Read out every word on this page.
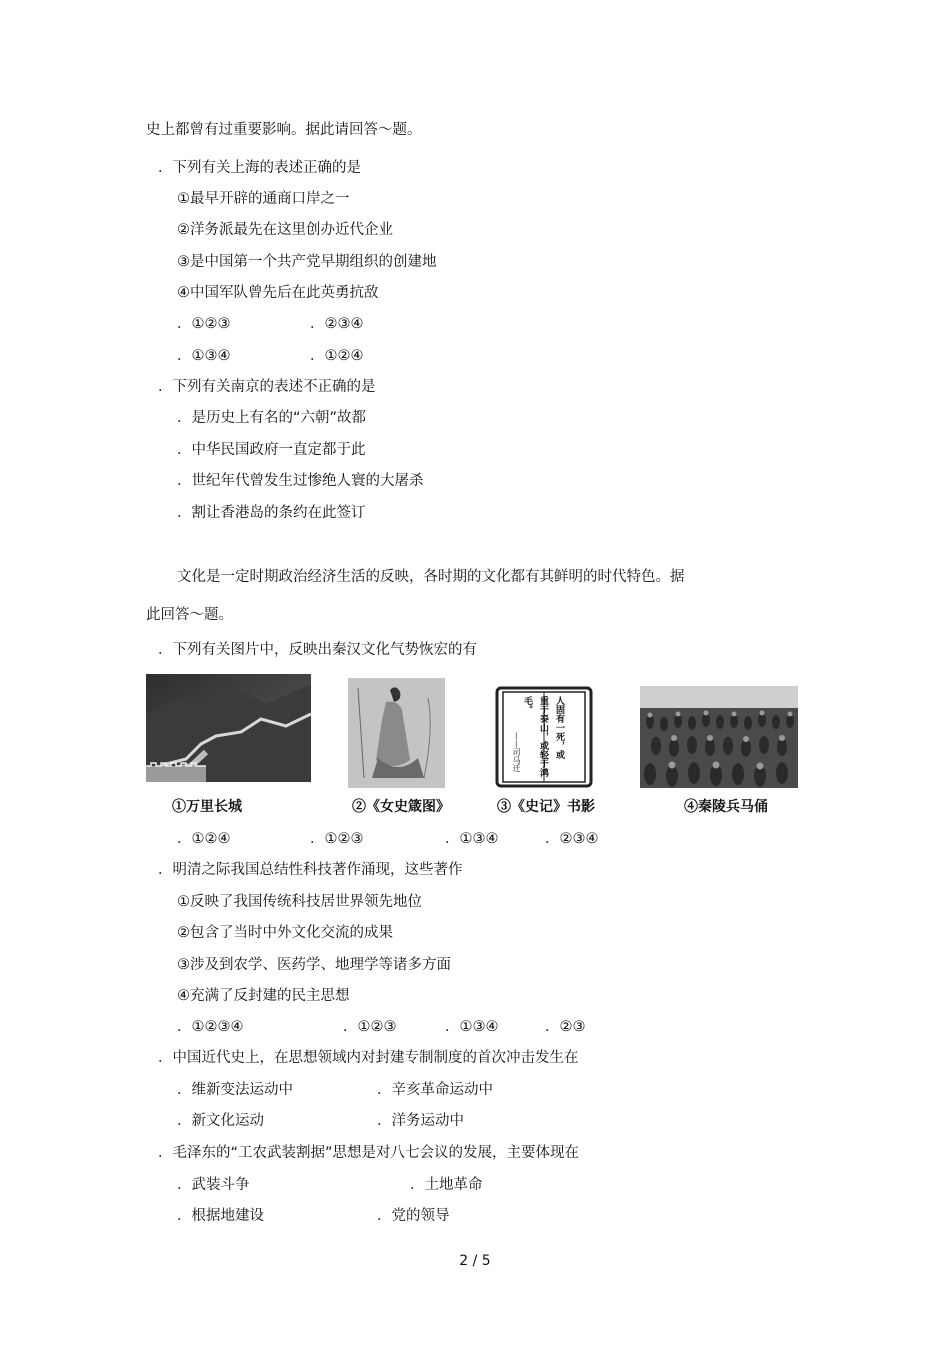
史上都曾有过重要影响。据此请回答～题。
．下列有关上海的表述正确的是
①最早开辟的通商口岸之一
②洋务派最先在这里创办近代企业
③是中国第一个共产党早期组织的创建地
④中国军队曾先后在此英勇抗敌
．①②③	．②③④
．①③④	．①②④
．下列有关南京的表述不正确的是
．是历史上有名的“六朝”故都
．中华民国政府一直定都于此
．世纪年代曾发生过惨绝人寰的大屠杀
．割让香港岛的条约在此签订
文化是一定时期政治经济生活的反映，各时期的文化都有其鲜明的时代特色。据
此回答～题。
．下列有关图片中，反映出秦汉文化气势恢宏的有
人固有一死，或
重于泰山，或轻于鸿
毛。
——司马迁
①万里长城	②《女史箴图》	③《史记》书影	④秦陵兵马俑
．①②④	．①②③	．①③④	．②③④
．明清之际我国总结性科技著作涌现，这些著作
①反映了我国传统科技居世界领先地位
②包含了当时中外文化交流的成果
③涉及到农学、医药学、地理学等诸多方面
④充满了反封建的民主思想
．①②③④	．①②③	．①③④	．②③
．中国近代史上，在思想领域内对封建专制制度的首次冲击发生在
．维新变法运动中	．辛亥革命运动中
．新文化运动	．洋务运动中
．毛泽东的“工农武装割据”思想是对八七会议的发展，主要体现在
．武装斗争	．土地革命
．根据地建设	．党的领导
2 / 5
